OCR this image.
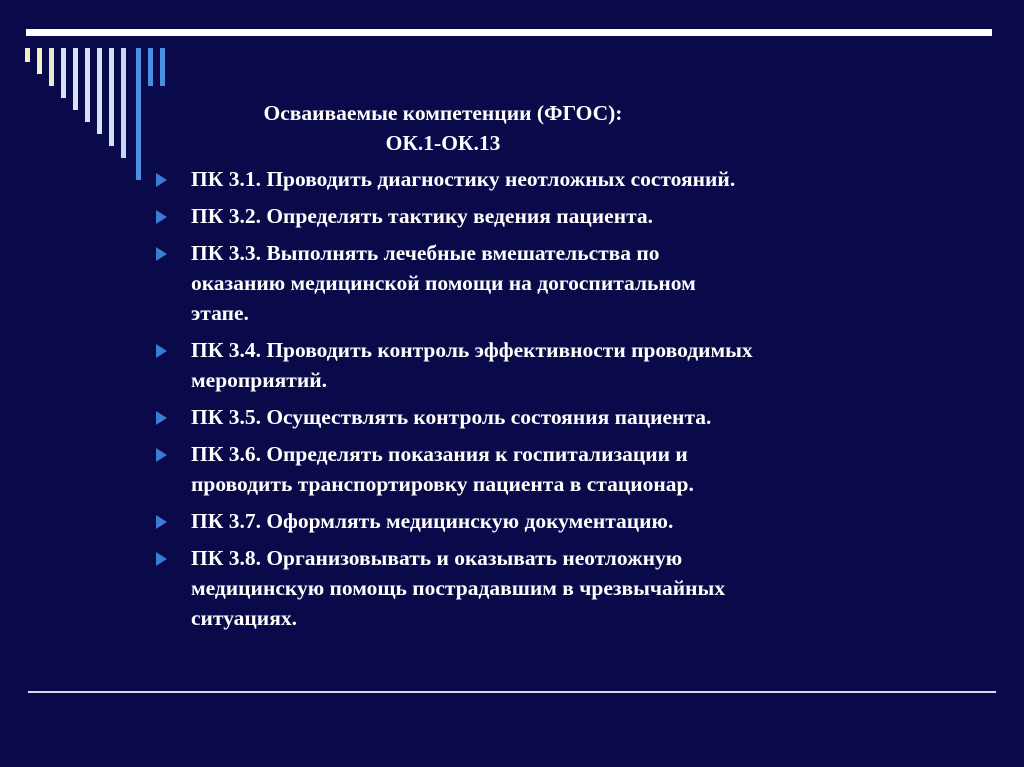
Осваиваемые компетенции (ФГОС):
ОК.1-ОК.13
ПК 3.1. Проводить диагностику неотложных состояний.
ПК 3.2. Определять тактику ведения пациента.
ПК 3.3. Выполнять лечебные вмешательства по
оказанию медицинской помощи на догоспитальном
этапе.
ПК 3.4. Проводить контроль эффективности проводимых
мероприятий.
ПК 3.5. Осуществлять контроль состояния пациента.
ПК 3.6. Определять показания к госпитализации и
проводить транспортировку пациента в стационар.
ПК 3.7. Оформлять медицинскую документацию.
ПК 3.8. Организовывать и оказывать неотложную
медицинскую помощь пострадавшим в чрезвычайных
ситуациях.
